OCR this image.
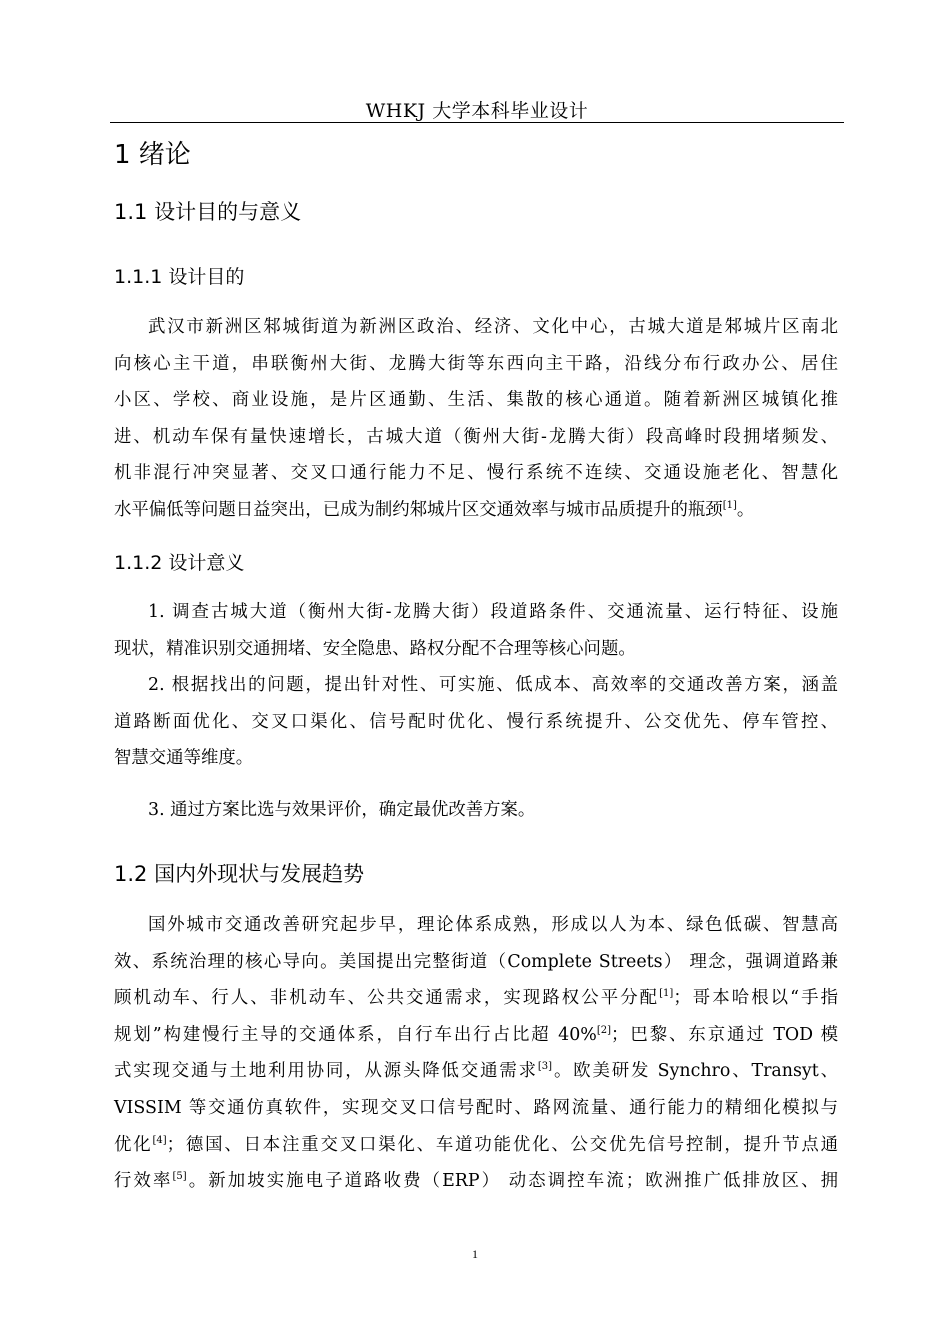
WHKJ 大学本科毕业设计
1 绪论
1.1 设计目的与意义
1.1.1 设计目的
武汉市新洲区邾城街道为新洲区政治、经济、文化中心，古城大道是邾城片区南北
向核心主干道，串联衡州大街、龙腾大街等东西向主干路，沿线分布行政办公、居住
小区、学校、商业设施，是片区通勤、生活、集散的核心通道。随着新洲区城镇化推
进、机动车保有量快速增长，古城大道（衡州大街-龙腾大街）段高峰时段拥堵频发、
机非混行冲突显著、交叉口通行能力不足、慢行系统不连续、交通设施老化、智慧化
水平偏低等问题日益突出，已成为制约邾城片区交通效率与城市品质提升的瓶颈[1]。
1.1.2 设计意义
1. 调查古城大道（衡州大街-龙腾大街）段道路条件、交通流量、运行特征、设施
现状，精准识别交通拥堵、安全隐患、路权分配不合理等核心问题。
2. 根据找出的问题，提出针对性、可实施、低成本、高效率的交通改善方案，涵盖
道路断面优化、交叉口渠化、信号配时优化、慢行系统提升、公交优先、停车管控、
智慧交通等维度。
3. 通过方案比选与效果评价，确定最优改善方案。
1.2 国内外现状与发展趋势
国外城市交通改善研究起步早，理论体系成熟，形成以人为本、绿色低碳、智慧高
效、系统治理的核心导向。美国提出完整街道（Complete Streets） 理念，强调道路兼
顾机动车、行人、非机动车、公共交通需求，实现路权公平分配[1]；哥本哈根以“手指
规划”构建慢行主导的交通体系，自行车出行占比超 40%[2]；巴黎、东京通过 TOD 模
式实现交通与土地利用协同，从源头降低交通需求[3]。欧美研发 Synchro、Transyt、
VISSIM 等交通仿真软件，实现交叉口信号配时、路网流量、通行能力的精细化模拟与
优化[4]；德国、日本注重交叉口渠化、车道功能优化、公交优先信号控制，提升节点通
行效率[5]。新加坡实施电子道路收费（ERP） 动态调控车流；欧洲推广低排放区、拥
1
